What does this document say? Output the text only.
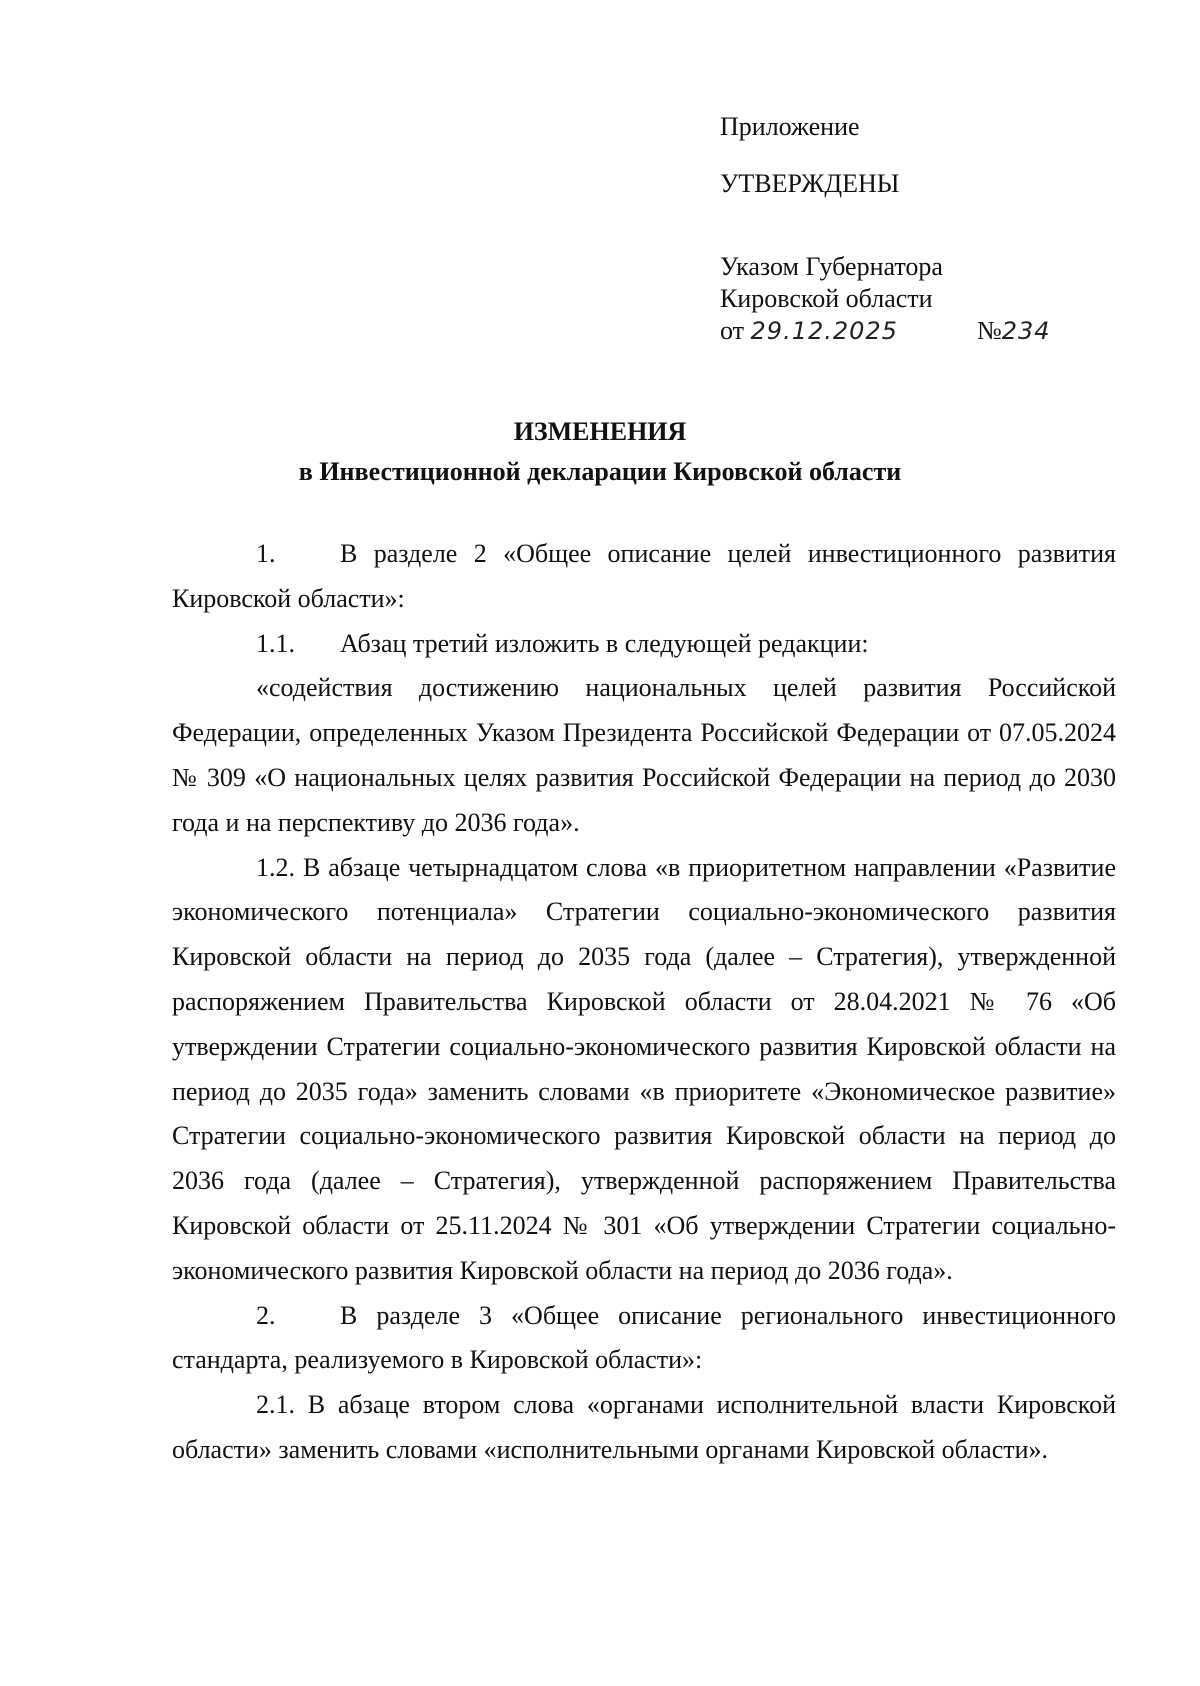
Приложение
УТВЕРЖДЕНЫ
Указом Губернатора
Кировской области
от 29.12.2025	№234
ИЗМЕНЕНИЯ
в Инвестиционной декларации Кировской области

1. В разделе 2 «Общее описание целей инвестиционного развития Кировской области»:

1.1. Абзац третий изложить в следующей редакции:

«содействия достижению национальных целей развития Российской Федерации, определенных Указом Президента Российской Федерации от 07.05.2024 № 309 «О национальных целях развития Российской Федерации на период до 2030 года и на перспективу до 2036 года».

1.2. В абзаце четырнадцатом слова «в приоритетном направлении «Развитие экономического потенциала» Стратегии социально-экономического развития Кировской области на период до 2035 года (далее – Стратегия), утвержденной распоряжением Правительства Кировской области от 28.04.2021 № 76 «Об утверждении Стратегии социально-экономического развития Кировской области на период до 2035 года» заменить словами «в приоритете «Экономическое развитие» Стратегии социально-экономического развития Кировской области на период до 2036 года (далее – Стратегия), утвержденной распоряжением Правительства Кировской области от 25.11.2024 № 301 «Об утверждении Стратегии социально-экономического развития Кировской области на период до 2036 года».

2. В разделе 3 «Общее описание регионального инвестиционного стандарта, реализуемого в Кировской области»:

2.1. В абзаце втором слова «органами исполнительной власти Кировской области» заменить словами «исполнительными органами Кировской области».
